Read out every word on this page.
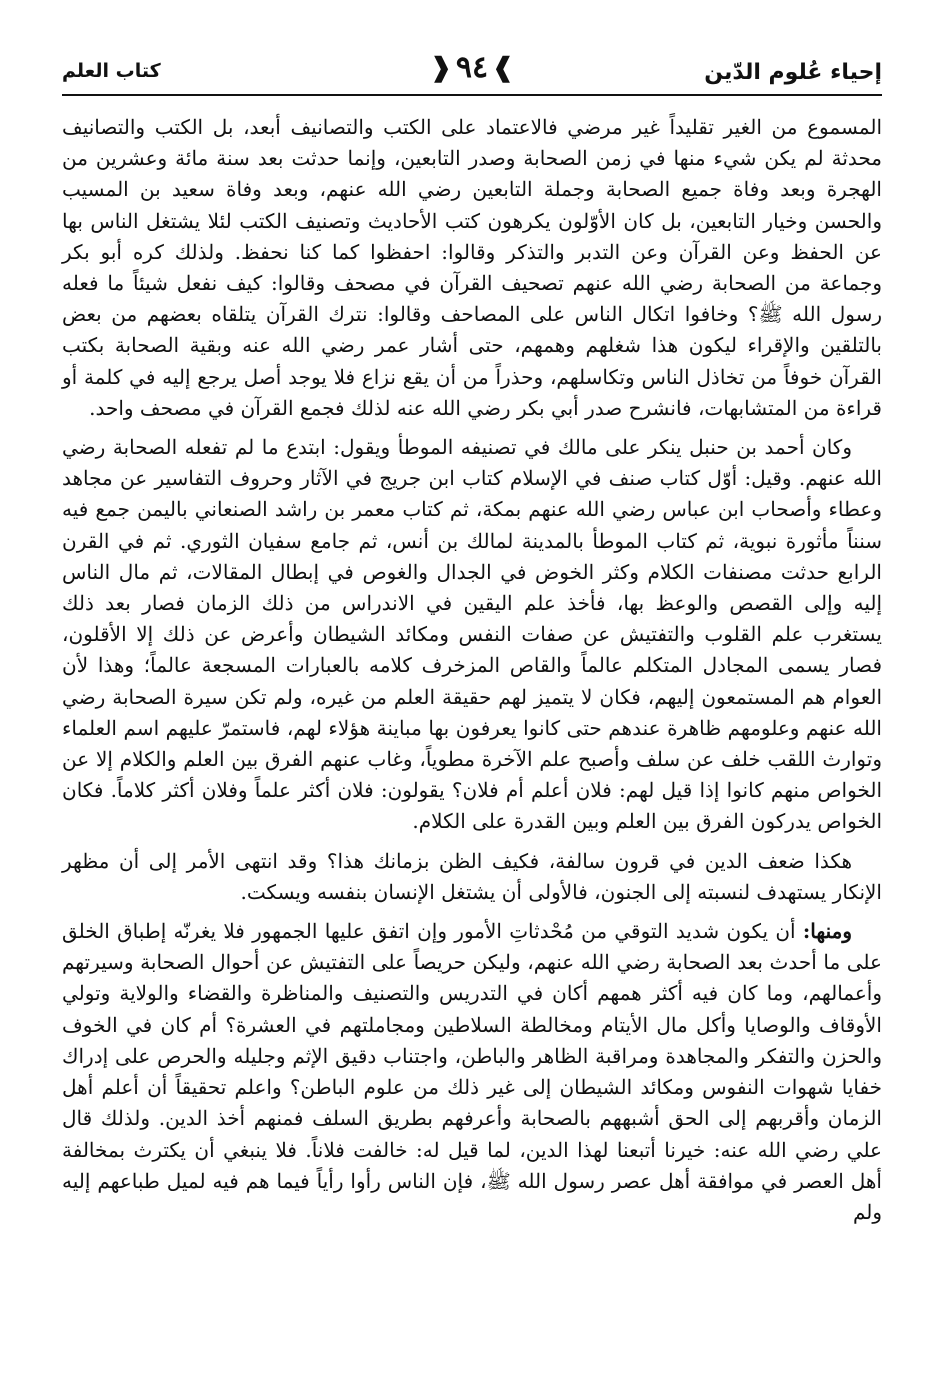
إحياء عُلوم الدّين
❱
٩٤
❰
كتاب العلم

المسموع من الغير تقليداً غير مرضي فالاعتماد على الكتب والتصانيف أبعد، بل الكتب والتصانيف محدثة لم يكن شيء منها في زمن الصحابة وصدر التابعين، وإنما حدثت بعد سنة مائة وعشرين من الهجرة وبعد وفاة جميع الصحابة وجملة التابعين رضي الله عنهم، وبعد وفاة سعيد بن المسيب والحسن وخيار التابعين، بل كان الأوّلون يكرهون كتب الأحاديث وتصنيف الكتب لئلا يشتغل الناس بها عن الحفظ وعن القرآن وعن التدبر والتذكر وقالوا: احفظوا كما كنا نحفظ. ولذلك كره أبو بكر وجماعة من الصحابة رضي الله عنهم تصحيف القرآن في مصحف وقالوا: كيف نفعل شيئاً ما فعله رسول الله ﷺ؟ وخافوا اتكال الناس على المصاحف وقالوا: نترك القرآن يتلقاه بعضهم من بعض بالتلقين والإقراء ليكون هذا شغلهم وهمهم، حتى أشار عمر رضي الله عنه وبقية الصحابة بكتب القرآن خوفاً من تخاذل الناس وتكاسلهم، وحذراً من أن يقع نزاع فلا يوجد أصل يرجع إليه في كلمة أو قراءة من المتشابهات، فانشرح صدر أبي بكر رضي الله عنه لذلك فجمع القرآن في مصحف واحد.

وكان أحمد بن حنبل ينكر على مالك في تصنيفه الموطأ ويقول: ابتدع ما لم تفعله الصحابة رضي الله عنهم. وقيل: أوّل كتاب صنف في الإسلام كتاب ابن جريج في الآثار وحروف التفاسير عن مجاهد وعطاء وأصحاب ابن عباس رضي الله عنهم بمكة، ثم كتاب معمر بن راشد الصنعاني باليمن جمع فيه سنناً مأثورة نبوية، ثم كتاب الموطأ بالمدينة لمالك بن أنس، ثم جامع سفيان الثوري. ثم في القرن الرابع حدثت مصنفات الكلام وكثر الخوض في الجدال والغوص في إبطال المقالات، ثم مال الناس إليه وإلى القصص والوعظ بها، فأخذ علم اليقين في الاندراس من ذلك الزمان فصار بعد ذلك يستغرب علم القلوب والتفتيش عن صفات النفس ومكائد الشيطان وأعرض عن ذلك إلا الأقلون، فصار يسمى المجادل المتكلم عالماً والقاص المزخرف كلامه بالعبارات المسجعة عالماً؛ وهذا لأن العوام هم المستمعون إليهم، فكان لا يتميز لهم حقيقة العلم من غيره، ولم تكن سيرة الصحابة رضي الله عنهم وعلومهم ظاهرة عندهم حتى كانوا يعرفون بها مباينة هؤلاء لهم، فاستمرّ عليهم اسم العلماء وتوارث اللقب خلف عن سلف وأصبح علم الآخرة مطوياً، وغاب عنهم الفرق بين العلم والكلام إلا عن الخواص منهم كانوا إذا قيل لهم: فلان أعلم أم فلان؟ يقولون: فلان أكثر علماً وفلان أكثر كلاماً. فكان الخواص يدركون الفرق بين العلم وبين القدرة على الكلام.

هكذا ضعف الدين في قرون سالفة، فكيف الظن بزمانك هذا؟ وقد انتهى الأمر إلى أن مظهر الإنكار يستهدف لنسبته إلى الجنون، فالأولى أن يشتغل الإنسان بنفسه ويسكت.

ومنها: أن يكون شديد التوقي من مُحْدثاتِ الأمور وإن اتفق عليها الجمهور فلا يغرنّه إطباق الخلق على ما أحدث بعد الصحابة رضي الله عنهم، وليكن حريصاً على التفتيش عن أحوال الصحابة وسيرتهم وأعمالهم، وما كان فيه أكثر همهم أكان في التدريس والتصنيف والمناظرة والقضاء والولاية وتولي الأوقاف والوصايا وأكل مال الأيتام ومخالطة السلاطين ومجاملتهم في العشرة؟ أم كان في الخوف والحزن والتفكر والمجاهدة ومراقبة الظاهر والباطن، واجتناب دقيق الإثم وجليله والحرص على إدراك خفايا شهوات النفوس ومكائد الشيطان إلى غير ذلك من علوم الباطن؟ واعلم تحقيقاً أن أعلم أهل الزمان وأقربهم إلى الحق أشبههم بالصحابة وأعرفهم بطريق السلف فمنهم أخذ الدين. ولذلك قال علي رضي الله عنه: خيرنا أتبعنا لهذا الدين، لما قيل له: خالفت فلاناً. فلا ينبغي أن يكترث بمخالفة أهل العصر في موافقة أهل عصر رسول الله ﷺ، فإن الناس رأوا رأياً فيما هم فيه لميل طباعهم إليه ولم
